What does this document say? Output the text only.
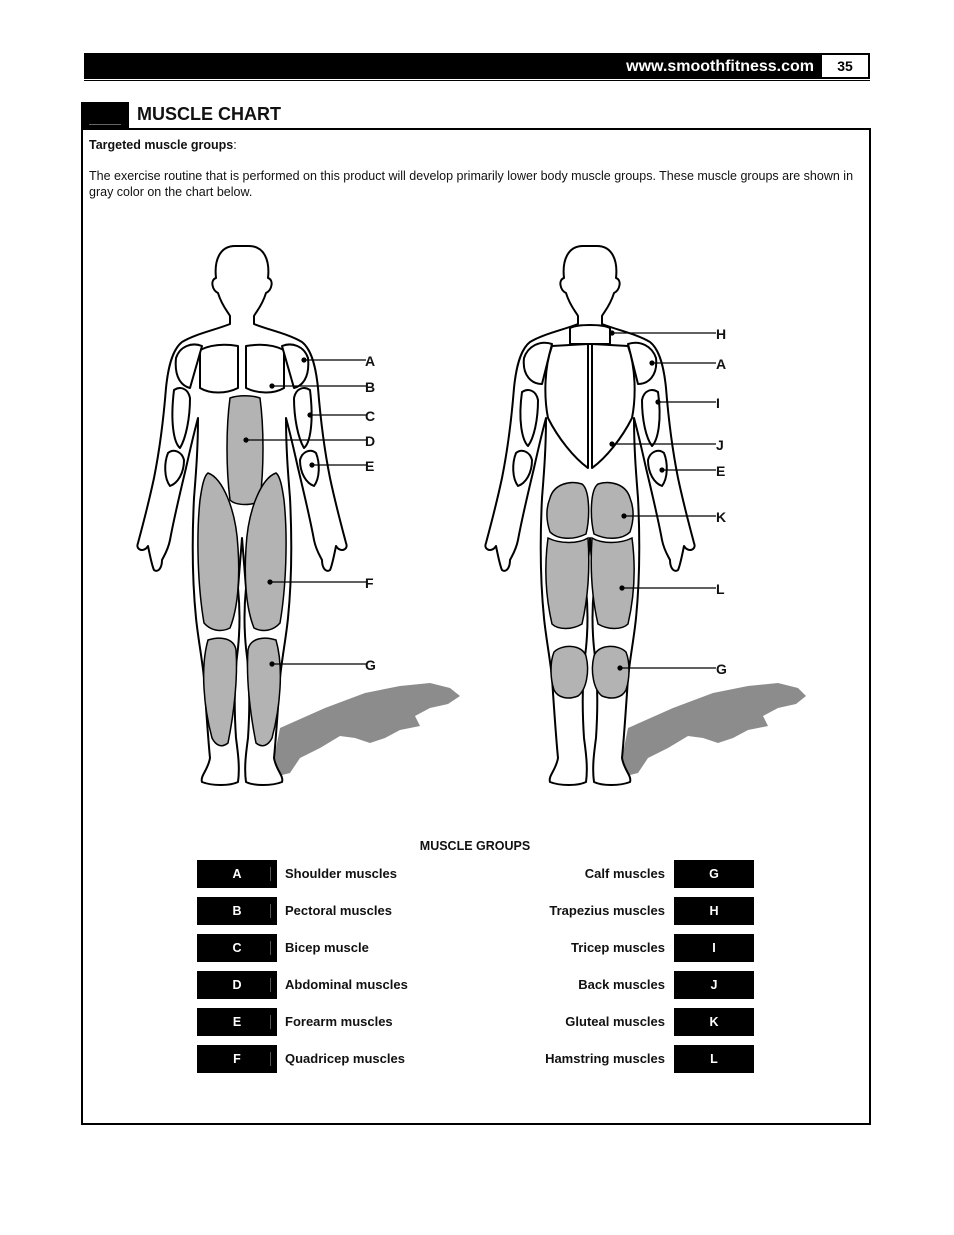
www.smoothfitness.com	35
MUSCLE CHART
Targeted muscle groups:
The exercise routine that is performed on this product will develop primarily lower body muscle groups. These muscle groups are shown in gray color on the chart below.
A
B
C
D
E
F
G
H
A
I
J
E
K
L
G
MUSCLE GROUPS
A	Shoulder muscles	Calf muscles	G
B	Pectoral muscles	Trapezius muscles	H
C	Bicep muscle	Tricep muscles	I
D	Abdominal muscles	Back muscles	J
E	Forearm muscles	Gluteal muscles	K
F	Quadricep muscles	Hamstring muscles	L
